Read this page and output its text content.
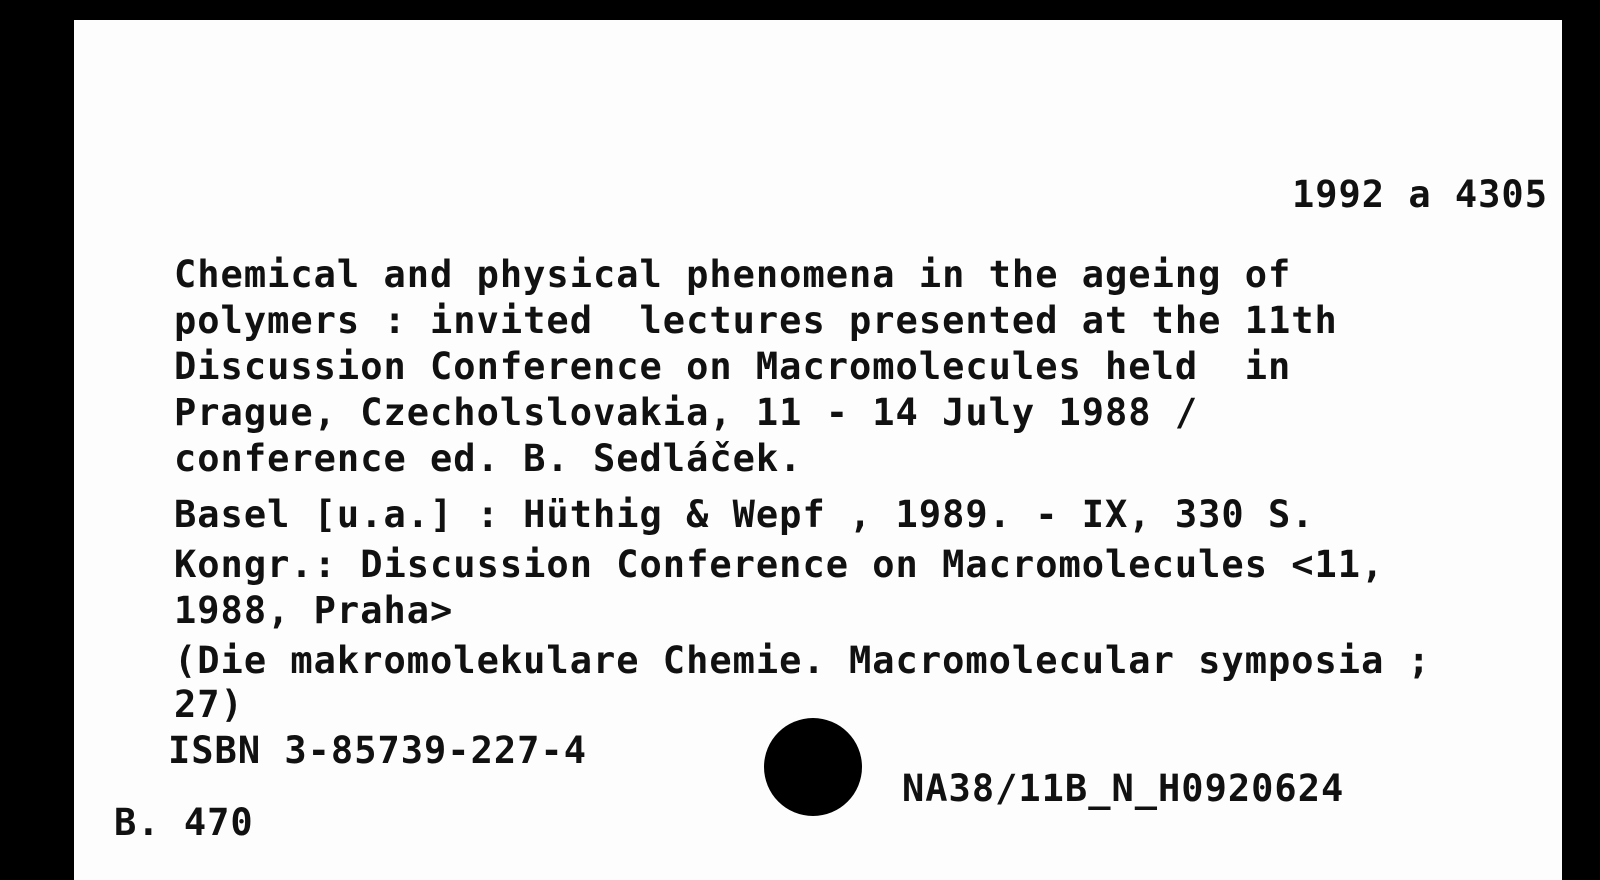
1992 a 4305

Chemical and physical phenomena in the ageing of

polymers : invited  lectures presented at the 11th

Discussion Conference on Macromolecules held  in

Prague, Czecholslovakia, 11 - 14 July 1988 /

conference ed. B. Sedláček.

Basel [u.a.] : Hüthig & Wepf , 1989. - IX, 330 S.

Kongr.: Discussion Conference on Macromolecules <11,

1988, Praha>

(Die makromolekulare Chemie. Macromolecular symposia ;

27)

ISBN 3-85739-227-4

NA38/11B_N_H0920624

B. 470
